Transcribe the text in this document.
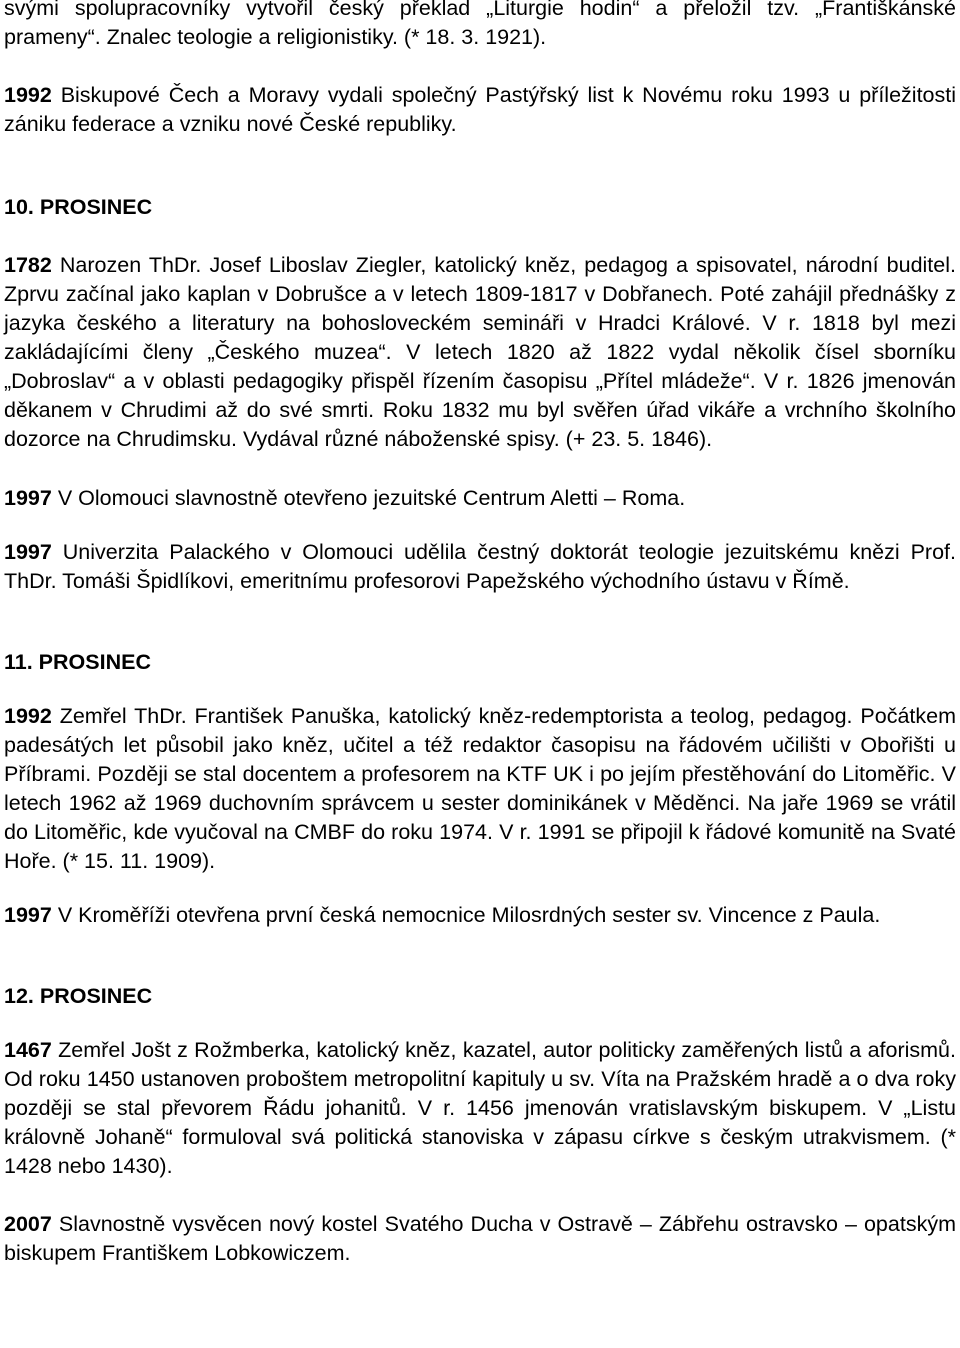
svými spolupracovníky vytvořil český překlad „Liturgie hodin“ a přeložil tzv. „Františkánské prameny“. Znalec teologie a religionistiky. (* 18. 3. 1921).

1992 Biskupové Čech a Moravy vydali společný Pastýřský list k Novému roku 1993 u příležitosti zániku federace a vzniku nové České republiky.

10. PROSINEC

1782 Narozen ThDr. Josef Liboslav Ziegler, katolický kněz, pedagog a spisovatel, národní buditel. Zprvu začínal jako kaplan v Dobrušce a v letech 1809-1817 v Dobřanech. Poté zahájil přednášky z jazyka českého a literatury na bohosloveckém semináři v Hradci Králové. V r. 1818 byl mezi zakládajícími členy „Českého muzea“. V letech 1820 až 1822 vydal několik čísel sborníku „Dobroslav“ a v oblasti pedagogiky přispěl řízením časopisu „Přítel mládeže“. V r. 1826 jmenován děkanem v Chrudimi až do své smrti. Roku 1832 mu byl svěřen úřad vikáře a vrchního školního dozorce na Chrudimsku. Vydával různé náboženské spisy. (+ 23. 5. 1846).

1997 V Olomouci slavnostně otevřeno jezuitské Centrum Aletti – Roma.

1997 Univerzita Palackého v Olomouci udělila čestný doktorát teologie jezuitskému knězi Prof. ThDr. Tomáši Špidlíkovi, emeritnímu profesorovi Papežského východního ústavu v Římě.

11. PROSINEC

1992 Zemřel ThDr. František Panuška, katolický kněz-redemptorista a teolog, pedagog. Počátkem padesátých let působil jako kněz, učitel a též redaktor časopisu na řádovém učilišti v Obořišti u Příbrami. Později se stal docentem a profesorem na KTF UK i po jejím přestěhování do Litoměřic. V letech 1962 až 1969 duchovním správcem u sester dominikánek v Měděnci. Na jaře 1969 se vrátil do Litoměřic, kde vyučoval na CMBF do roku 1974. V r. 1991 se připojil k řádové komunitě na Svaté Hoře. (* 15. 11. 1909).

1997 V Kroměříži otevřena první česká nemocnice Milosrdných sester sv. Vincence z Paula.

12. PROSINEC

1467 Zemřel Jošt z Rožmberka, katolický kněz, kazatel, autor politicky zaměřených listů a aforismů. Od roku 1450 ustanoven proboštem metropolitní kapituly u sv. Víta na Pražském hradě a o dva roky později se stal převorem Řádu johanitů. V r. 1456 jmenován vratislavským biskupem. V „Listu královně Johaně“ formuloval svá politická stanoviska v zápasu církve s českým utrakvismem. (* 1428 nebo 1430).

2007 Slavnostně vysvěcen nový kostel Svatého Ducha v Ostravě – Zábřehu ostravsko – opatským biskupem Františkem Lobkowiczem.
